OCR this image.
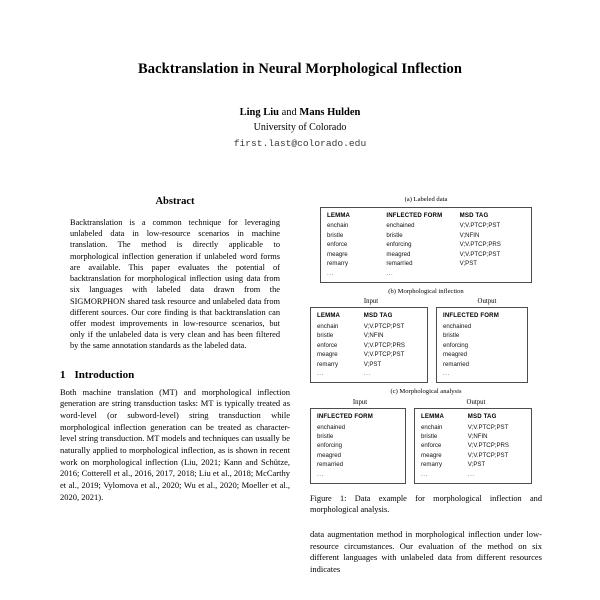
Backtranslation in Neural Morphological Inflection
Ling Liu and Mans Hulden
University of Colorado
first.last@colorado.edu
Abstract

Backtranslation is a common technique for leveraging unlabeled data in low-resource scenarios in machine translation. The method is directly applicable to morphological inflection generation if unlabeled word forms are available. This paper evaluates the potential of backtranslation for morphological inflection using data from six languages with labeled data drawn from the SIGMORPHON shared task resource and unlabeled data from different sources. Our core finding is that backtranslation can offer modest improvements in low-resource scenarios, but only if the unlabeled data is very clean and has been filtered by the same annotation standards as the labeled data.

1 Introduction

Both machine translation (MT) and morphological inflection generation are string transduction tasks: MT is typically treated as word-level (or subword-level) string transduction while morphological inflection generation can be treated as character-level string transduction. MT models and techniques can usually be naturally applied to morphological inflection, as is shown in recent work on morphological inflection (Liu, 2021; Kann and Schütze, 2016; Cotterell et al., 2016, 2017, 2018; Liu et al., 2018; McCarthy et al., 2019; Vylomova et al., 2020; Wu et al., 2020; Moeller et al., 2020, 2021).

(a) Labeled data
LEMMA	INFLECTED FORM	MSD TAG
enchain	enchained	V;V.PTCP;PST
bristle	bristle	V;NFIN
enforce	enforcing	V;V.PTCP;PRS
meagre	meagred	V;V.PTCP;PST
remarry	remarried	V;PST
...	...	
(b) Morphological inflection
Input	Output
LEMMA	MSD TAG
enchain	V;V.PTCP;PST
bristle	V;NFIN
enforce	V;V.PTCP;PRS
meagre	V;V.PTCP;PST
remarry	V;PST
...	...
INFLECTED FORM
enchained
bristle
enforcing
meagred
remarried
...
(c) Morphological analysis
Input	Output
INFLECTED FORM
enchained
bristle
enforcing
meagred
remarried
...
LEMMA	MSD TAG
enchain	V;V.PTCP;PST
bristle	V;NFIN
enforce	V;V.PTCP;PRS
meagre	V;V.PTCP;PST
remarry	V;PST
...	...
Figure 1: Data example for morphological inflection and morphological analysis.

data augmentation method in morphological inflection under low-resource circumstances. Our evaluation of the method on six different languages with unlabeled data from different resources indicates
